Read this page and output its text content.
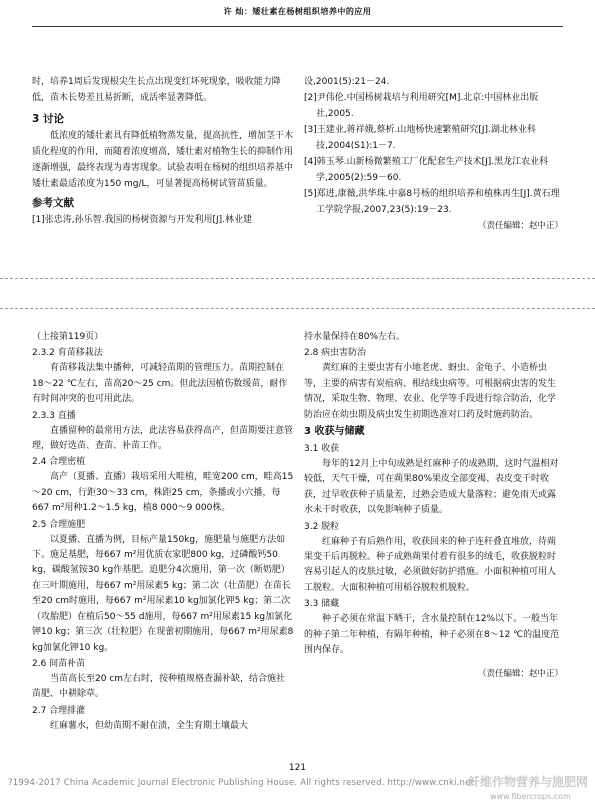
许 灿：矮壮素在杨树组织培养中的应用

时，培养1周后发现根尖生长点出现变红坏死现象，吸收能力降低，苗木长势差且易折断，成活率显著降低。

3 讨论

低浓度的矮壮素具有降低植物蒸发量，提高抗性，增加茎干木质化程度的作用，而随着浓度增高，矮壮素对植物生长的抑制作用逐渐增强，最终表现为毒害现象。试验表明在杨树的组织培养基中矮壮素最适浓度为150 mg/L，可显著提高杨树试管苗质量。

参考文献

[1]张忠涛,孙乐智.我国的杨树资源与开发利用[J].林业建

设,2001(5):21－24.

[2]尹伟伦.中国杨树栽培与利用研究[M].北京:中国林业出版社,2005.

[3]王建业,蒋祥娥,蔡析.山地杨快速繁殖研究[J].湖北林业科技,2004(S1):1－7.

[4]韩玉琴.山新杨微繁殖工厂化配套生产技术[J].黑龙江农业科学,2005(2):59－60.

[5]郑进,康薇,洪华珠.中嘉8号杨的组织培养和植株再生[J].黄石理工学院学报,2007,23(5):19－23.

（责任编辑：赵中正）

（上接第119页）

2.3.2 育苗移栽法

育苗移栽法集中播种，可减轻苗期的管理压力。苗期控制在18～22 ℃左右，苗高20～25 cm。但此法因植伤数缓苗，耐作有时间冲突的也可用此法。

2.3.3 直播

直播留种的最常用方法，此法容易获得高产，但苗期要注意管理，做好选苗、查苗、补苗工作。

2.4 合理密植

高产（夏播、直播）栽培采用大畦植，畦宽200 cm，畦高15～20 cm，行距30～33 cm，株距25 cm，条播或小穴播，每667 m²用种1.2～1.5 kg，植8 000～9 000株。

2.5 合理施肥

以夏播、直播为例，目标产量150kg，施肥量与施肥方法如下。施足基肥，每667 m²用优质农家肥800 kg，过磷酸钙50 kg，碳酸氢铵30 kg作基肥。追肥分4次施用，第一次（断奶肥）在三叶期施用，每667 m²用尿素5 kg；第二次（壮苗肥）在苗长至20 cm时施用，每667 m²用尿素10 kg加氯化钾5 kg；第二次（攻胎肥）在植后50～55 d施用，每667 m²用尿素15 kg加氯化钾10 kg；第三次（壮粒肥）在现蕾初期施用，每667 m²用尿素8 kg加氯化钾10 kg。

2.6 间苗补苗

当苗高长至20 cm左右时，按种植规格查漏补缺，结合施社苗肥、中耕除草。

2.7 合理排灌

红麻薯水，但幼苗期不耐在渍，全生育期土壤最大

持水量保持在80%左右。

2.8 病虫害防治

黄红麻的主要虫害有小地老虎、蚜虫、金龟子、小造桥虫等，主要的病害有炭疽病、根结线虫病等。可根据病虫害的发生情况，采取生物、物理、农业、化学等手段进行综合防治，化学防治应在幼虫期及病虫发生初期选准对口药及时施药防治。

3 收获与储藏

3.1 收获

每年的12月上中旬成熟是红麻种子的成熟期，这时气温相对较低，天气干燥，可在蒴果80%果皮全部变褐、表皮变干时收获，过早收获种子质量差，过熟会造成大量落粒；避免雨天或露水未干时收获，以免影响种子质量。

3.2 脱粒

红麻种子有后熟作用，收获回来的种子连秆叠直堆放，待蒴果变干后再脱粒。种子成熟蒴果付着有很多的绒毛，收获脱粒时容易引起人的皮肤过敏，必须做好防护措施。小面积种植可用人工脱粒。大面积种植可用稻谷脱粒机脱粒。

3.3 储藏

种子必须在常温下晒干，含水量控制在12%以下。一般当年的种子第二年种植，有隔年种植，种子必须在8～12 ℃的温度范围内保存。

（责任编辑：赵中正）

121
?1994-2017 China Academic Journal Electronic Publishing House. All rights reserved. http://www.cnki.net
纤维作物营养与施肥网
www.fibercrops.com
